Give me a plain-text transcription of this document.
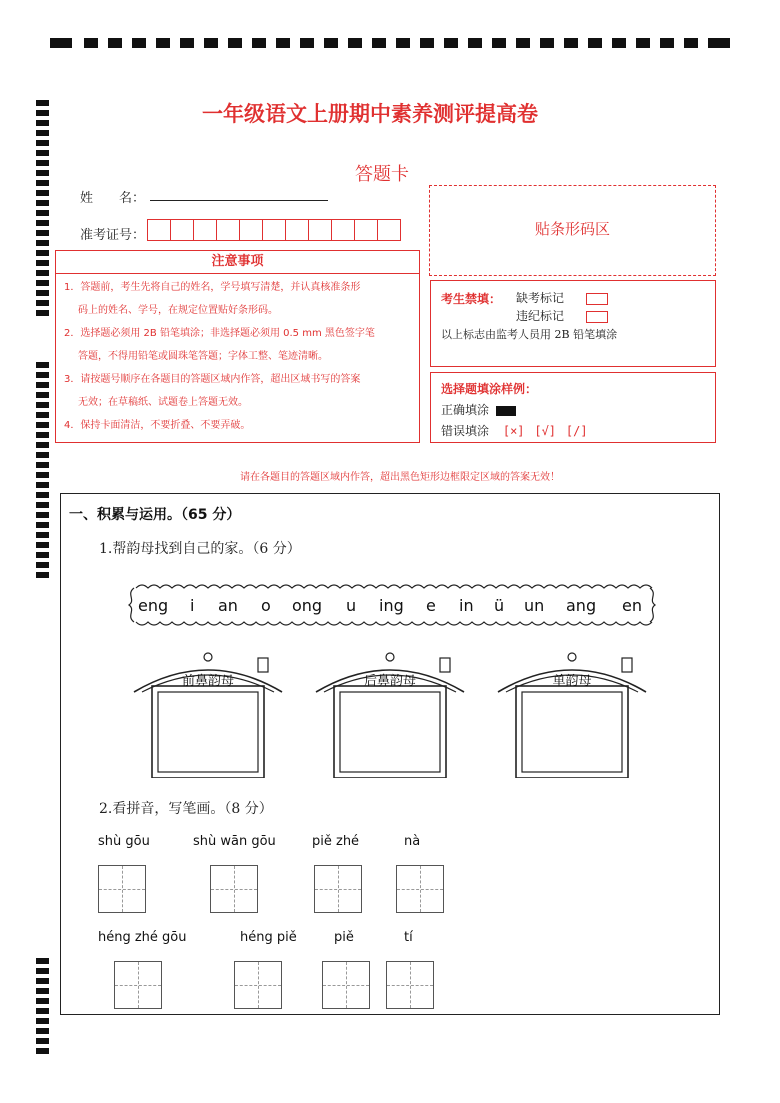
一年级语文上册期中素养测评提高卷
答题卡
姓　　名：
准考证号：	贴条形码区
注意事项
1．答题前，考生先将自己的姓名，学号填写清楚，并认真核准条形
码上的姓名、学号，在规定位置贴好条形码。
2．选择题必须用 2B 铅笔填涂；非选择题必须用 0.5 mm 黑色签字笔
答题，不得用铅笔或圆珠笔答题；字体工整、笔迹清晰。
3．请按题号顺序在各题目的答题区域内作答，超出区域书写的答案
无效；在草稿纸、试题卷上答题无效。
4．保持卡面清洁，不要折叠、不要弄破。
考生禁填： 缺考标记
违纪标记
以上标志由监考人员用 2B 铅笔填涂
选择题填涂样例：
正确填涂
错误填涂 [×] [√] [/]
请在各题目的答题区域内作答，超出黑色矩形边框限定区域的答案无效！
一、积累与运用。（65 分）
1.帮韵母找到自己的家。（6 分）
2.看拼音，写笔画。（8 分）
eng i an o ong u ing e in ü un ang en
前鼻韵母	后鼻韵母	单韵母
shù gōu	shù wān gōu	piě zhé	nà
héng zhé gōu	héng piě	piě	tí
